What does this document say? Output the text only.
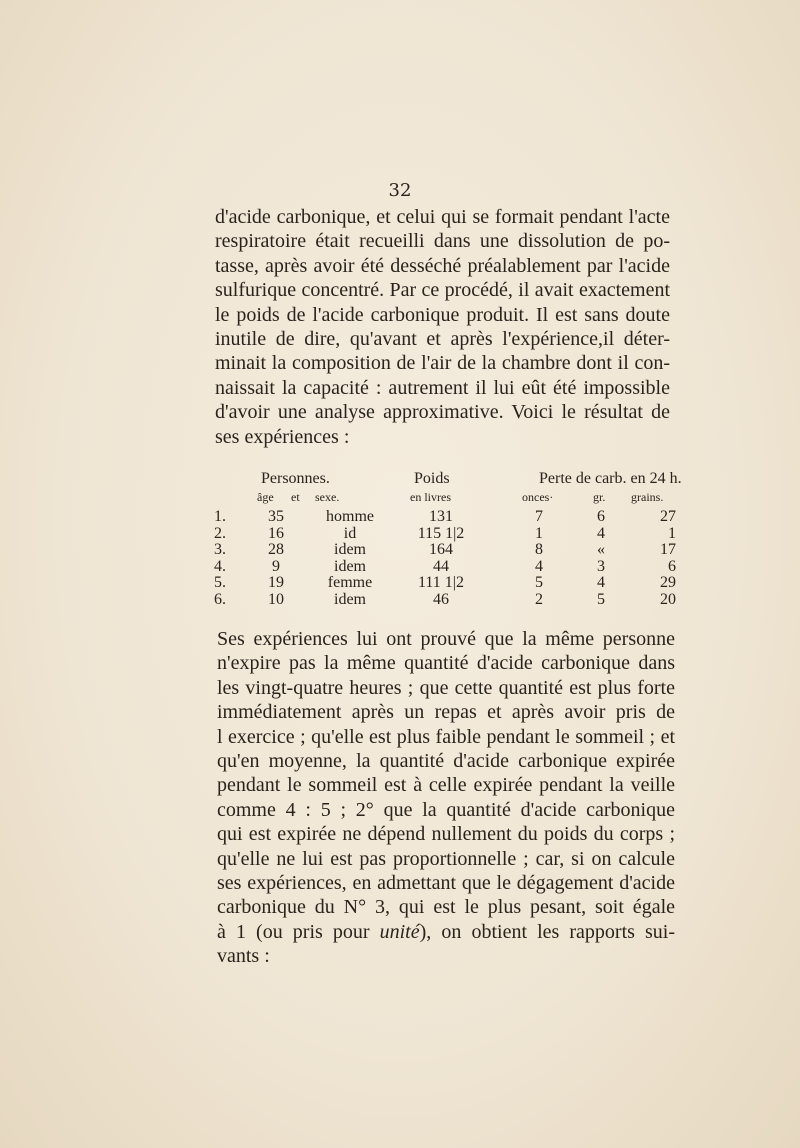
32

d'acide carbonique, et celui qui se formait pendant l'acte
respiratoire était recueilli dans une dissolution de po-
tasse, après avoir été desséché préalablement par l'acide
sulfurique concentré. Par ce procédé, il avait exactement
le poids de l'acide carbonique produit. Il est sans doute
inutile de dire, qu'avant et après l'expérience,il déter-
minait la composition de l'air de la chambre dont il con-
naissait la capacité : autrement il lui eût été impossible
d'avoir une analyse approximative. Voici le résultat de
ses expériences :

Personnes.	Poids	Perte de carb. en 24 h.
âge et sexe.	en livres	onces·	gr. grains.
1.	35	homme	131	7	6	27
2.	16	id	115 1|2	1	4	1
3.	28	idem	164	8	«	17
4.	9	idem	44	4	3	6
5.	19	femme	111 1|2	5	4	29
6.	10	idem	46	2	5	20

Ses expériences lui ont prouvé que la même personne
n'expire pas la même quantité d'acide carbonique dans
les vingt-quatre heures ; que cette quantité est plus forte
immédiatement après un repas et après avoir pris de
l exercice ; qu'elle est plus faible pendant le sommeil ; et
qu'en moyenne, la quantité d'acide carbonique expirée
pendant le sommeil est à celle expirée pendant la veille
comme 4 : 5 ; 2° que la quantité d'acide carbonique
qui est expirée ne dépend nullement du poids du corps ;
qu'elle ne lui est pas proportionnelle ; car, si on calcule
ses expériences, en admettant que le dégagement d'acide
carbonique du N° 3, qui est le plus pesant, soit égale
à 1 (ou pris pour unité), on obtient les rapports sui-
vants :
